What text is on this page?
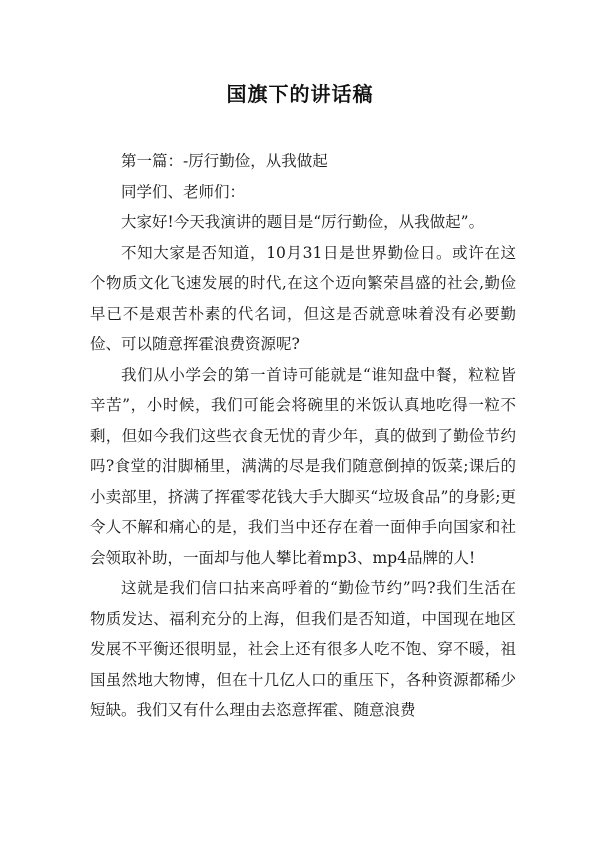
国旗下的讲话稿

第一篇：-厉行勤俭，从我做起

同学们、老师们：

大家好!今天我演讲的题目是“厉行勤俭，从我做起”。

不知大家是否知道，10月31日是世界勤俭日。或许在这个物质文化飞速发展的时代,在这个迈向繁荣昌盛的社会,勤俭早已不是艰苦朴素的代名词，但这是否就意味着没有必要勤俭、可以随意挥霍浪费资源呢?

我们从小学会的第一首诗可能就是“谁知盘中餐，粒粒皆辛苦”，小时候，我们可能会将碗里的米饭认真地吃得一粒不剩，但如今我们这些衣食无忧的青少年，真的做到了勤俭节约吗?食堂的泔脚桶里，满满的尽是我们随意倒掉的饭菜;课后的小卖部里，挤满了挥霍零花钱大手大脚买“垃圾食品”的身影;更令人不解和痛心的是，我们当中还存在着一面伸手向国家和社会领取补助，一面却与他人攀比着mp3、mp4品牌的人!

这就是我们信口拈来高呼着的“勤俭节约”吗?我们生活在物质发达、福利充分的上海，但我们是否知道，中国现在地区发展不平衡还很明显，社会上还有很多人吃不饱、穿不暖，祖国虽然地大物博，但在十几亿人口的重压下，各种资源都稀少短缺。我们又有什么理由去恣意挥霍、随意浪费
